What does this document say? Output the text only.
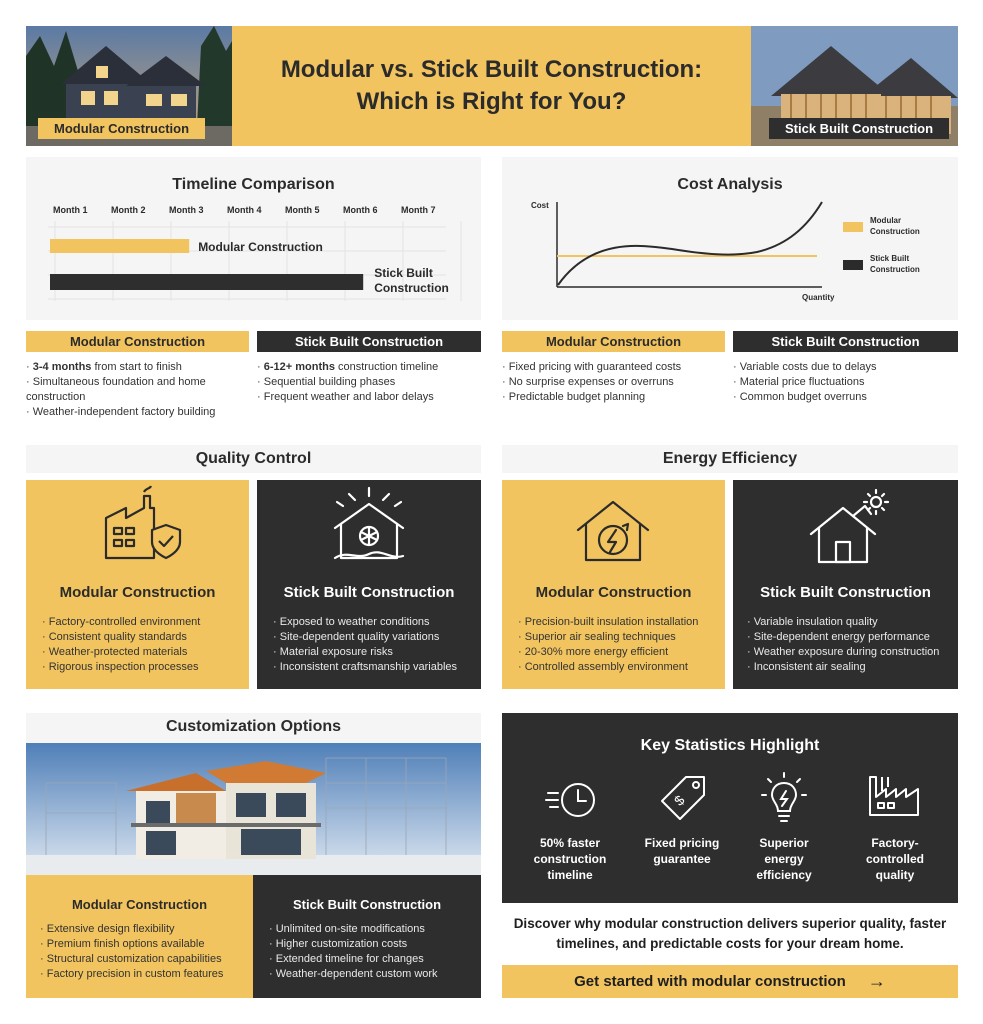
Modular Construction
Modular vs. Stick Built Construction: Which is Right for You?
Stick Built Construction
Timeline Comparison
Month 1	Month 2	Month 3	Month 4	Month 5	Month 6	Month 7
Modular Construction
Stick Built
Construction
Cost Analysis
Cost
Quantity
Modular Construction
Stick Built Construction
Modular Construction	Stick Built Construction
· 3-4 months from start to finish
· Simultaneous foundation and home construction
· Weather-independent factory building
· 6-12+ months construction timeline
· Sequential building phases
· Frequent weather and labor delays
Modular Construction	Stick Built Construction
· Fixed pricing with guaranteed costs
· No surprise expenses or overruns
· Predictable budget planning
· Variable costs due to delays
· Material price fluctuations
· Common budget overruns
Quality Control
Modular Construction
· Factory-controlled environment
· Consistent quality standards
· Weather-protected materials
· Rigorous inspection processes
Stick Built Construction
· Exposed to weather conditions
· Site-dependent quality variations
· Material exposure risks
· Inconsistent craftsmanship variables
Energy Efficiency
Modular Construction
· Precision-built insulation installation
· Superior air sealing techniques
· 20-30% more energy efficient
· Controlled assembly environment
Stick Built Construction
· Variable insulation quality
· Site-dependent energy performance
· Weather exposure during construction
· Inconsistent air sealing
Customization Options
Modular Construction
· Extensive design flexibility
· Premium finish options available
· Structural customization capabilities
· Factory precision in custom features
Stick Built Construction
· Unlimited on-site modifications
· Higher customization costs
· Extended timeline for changes
· Weather-dependent custom work
Key Statistics Highlight
$
50% faster construction timeline
Fixed pricing guarantee
Superior energy efficiency
Factory-controlled quality
Discover why modular construction delivers superior quality, faster timelines, and predictable costs for your dream home.
Get started with modular construction →
